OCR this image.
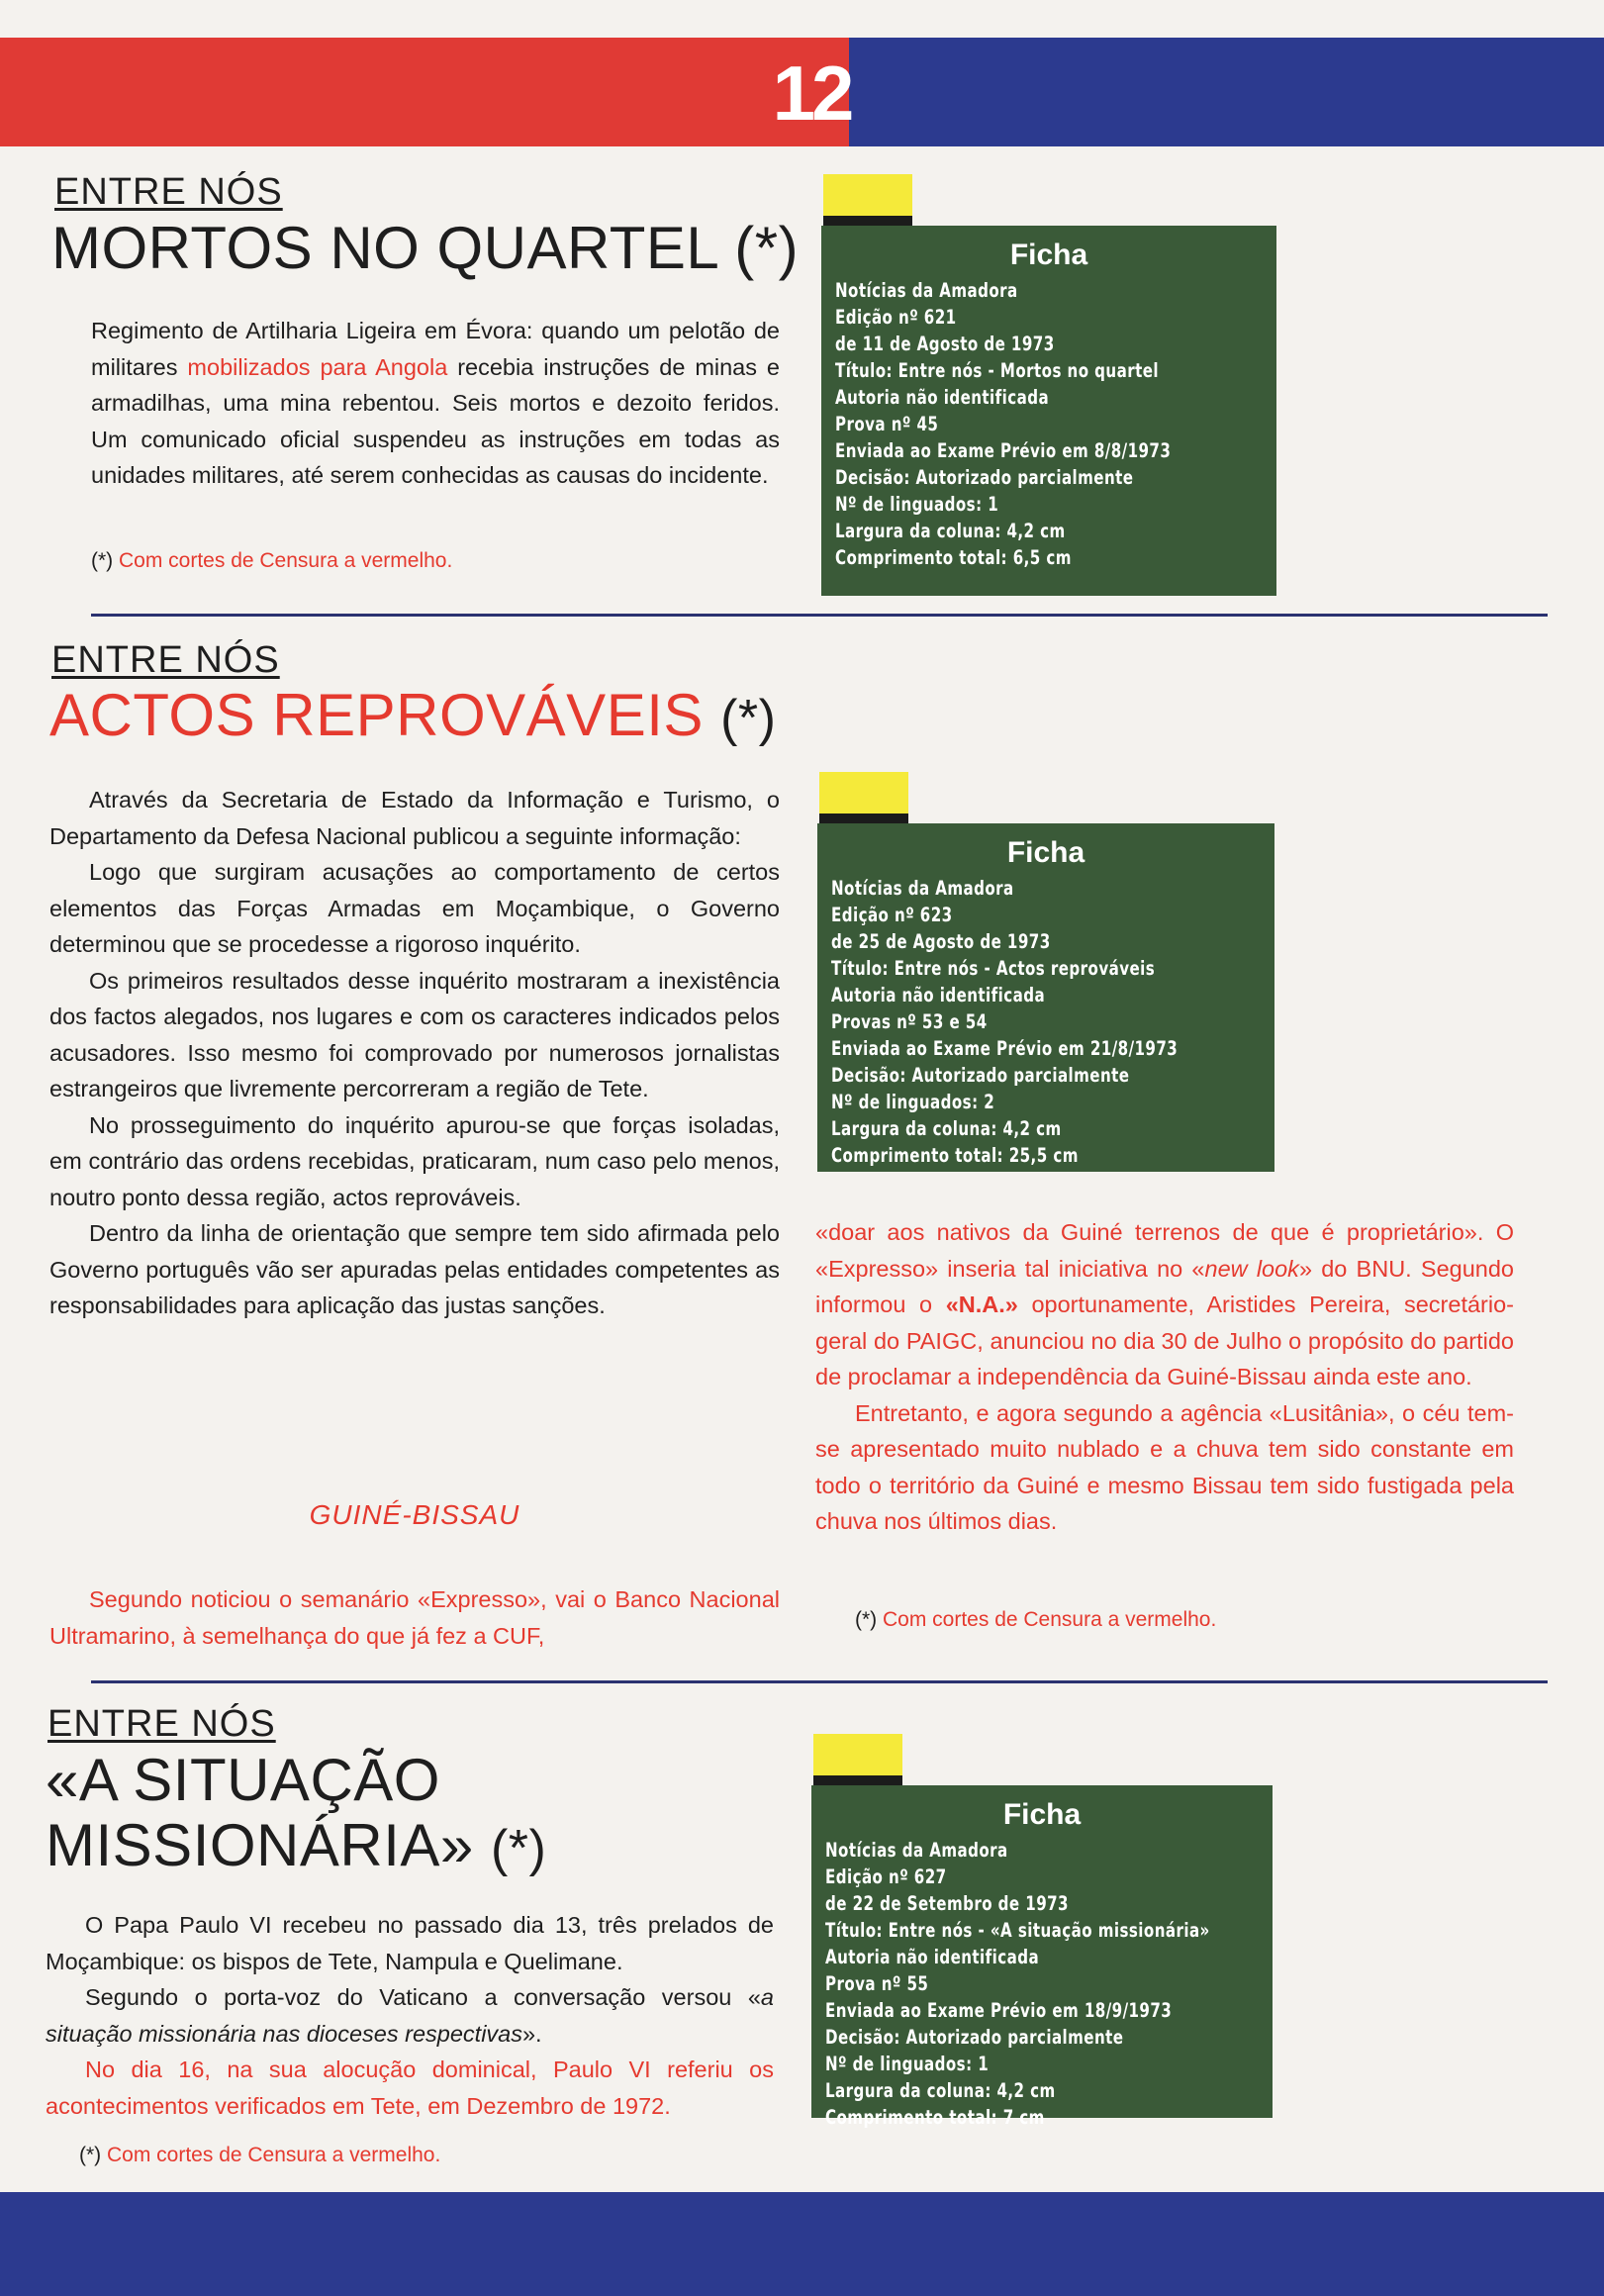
12
ENTRE NÓS
MORTOS NO QUARTEL (*)

Regimento de Artilharia Ligeira em Évora: quando um pelotão de militares mobilizados para Angola recebia instruções de minas e armadilhas, uma mina rebentou. Seis mortos e dezoito feridos. Um comunicado oficial suspendeu as instruções em todas as unidades militares, até serem conhecidas as causas do incidente.

(*) Com cortes de Censura a vermelho.
Ficha
Notícias da Amadora
Edição nº 621
de 11 de Agosto de 1973
Título: Entre nós - Mortos no quartel
Autoria não identificada
Prova nº 45
Enviada ao Exame Prévio em 8/8/1973
Decisão: Autorizado parcialmente
Nº de linguados: 1
Largura da coluna: 4,2 cm
Comprimento total: 6,5 cm
ENTRE NÓS
ACTOS REPROVÁVEIS (*)

Através da Secretaria de Estado da Informação e Turismo, o Departamento da Defesa Nacional publicou a seguinte informação:

Logo que surgiram acusações ao comportamento de certos elementos das Forças Armadas em Moçambique, o Governo determinou que se procedesse a rigoroso inquérito.

Os primeiros resultados desse inquérito mostraram a inexistência dos factos alegados, nos lugares e com os caracteres indicados pelos acusadores. Isso mesmo foi comprovado por numerosos jornalistas estrangeiros que livremente percorreram a região de Tete.

No prosseguimento do inquérito apurou-se que forças isoladas, em contrário das ordens recebidas, praticaram, num caso pelo menos, noutro ponto dessa região, actos reprováveis.

Dentro da linha de orientação que sempre tem sido afirmada pelo Governo português vão ser apuradas pelas entidades competentes as responsabilidades para aplicação das justas sanções.

GUINÉ-BISSAU

Segundo noticiou o semanário «Expresso», vai o Banco Nacional Ultramarino, à semelhança do que já fez a CUF,

Ficha
Notícias da Amadora
Edição nº 623
de 25 de Agosto de 1973
Título: Entre nós - Actos reprováveis
Autoria não identificada
Provas nº 53 e 54
Enviada ao Exame Prévio em 21/8/1973
Decisão: Autorizado parcialmente
Nº de linguados: 2
Largura da coluna: 4,2 cm
Comprimento total: 25,5 cm

«doar aos nativos da Guiné terrenos de que é proprietário». O «Expresso» inseria tal iniciativa no «new look» do BNU. Segundo informou o «N.A.» oportunamente, Aristides Pereira, secretário-geral do PAIGC, anunciou no dia 30 de Julho o propósito do partido de proclamar a independência da Guiné-Bissau ainda este ano.

Entretanto, e agora segundo a agência «Lusitânia», o céu tem-se apresentado muito nublado e a chuva tem sido constante em todo o território da Guiné e mesmo Bissau tem sido fustigada pela chuva nos últimos dias.

(*) Com cortes de Censura a vermelho.
ENTRE NÓS
«A SITUAÇÃO
MISSIONÁRIA» (*)

O Papa Paulo VI recebeu no passado dia 13, três prelados de Moçambique: os bispos de Tete, Nampula e Quelimane.

Segundo o porta-voz do Vaticano a conversação versou «a situação missionária nas dioceses respectivas».

No dia 16, na sua alocução dominical, Paulo VI referiu os acontecimentos verificados em Tete, em Dezembro de 1972.

(*) Com cortes de Censura a vermelho.
Ficha
Notícias da Amadora
Edição nº 627
de 22 de Setembro de 1973
Título: Entre nós - «A situação missionária»
Autoria não identificada
Prova nº 55
Enviada ao Exame Prévio em 18/9/1973
Decisão: Autorizado parcialmente
Nº de linguados: 1
Largura da coluna: 4,2 cm
Comprimento total: 7 cm
